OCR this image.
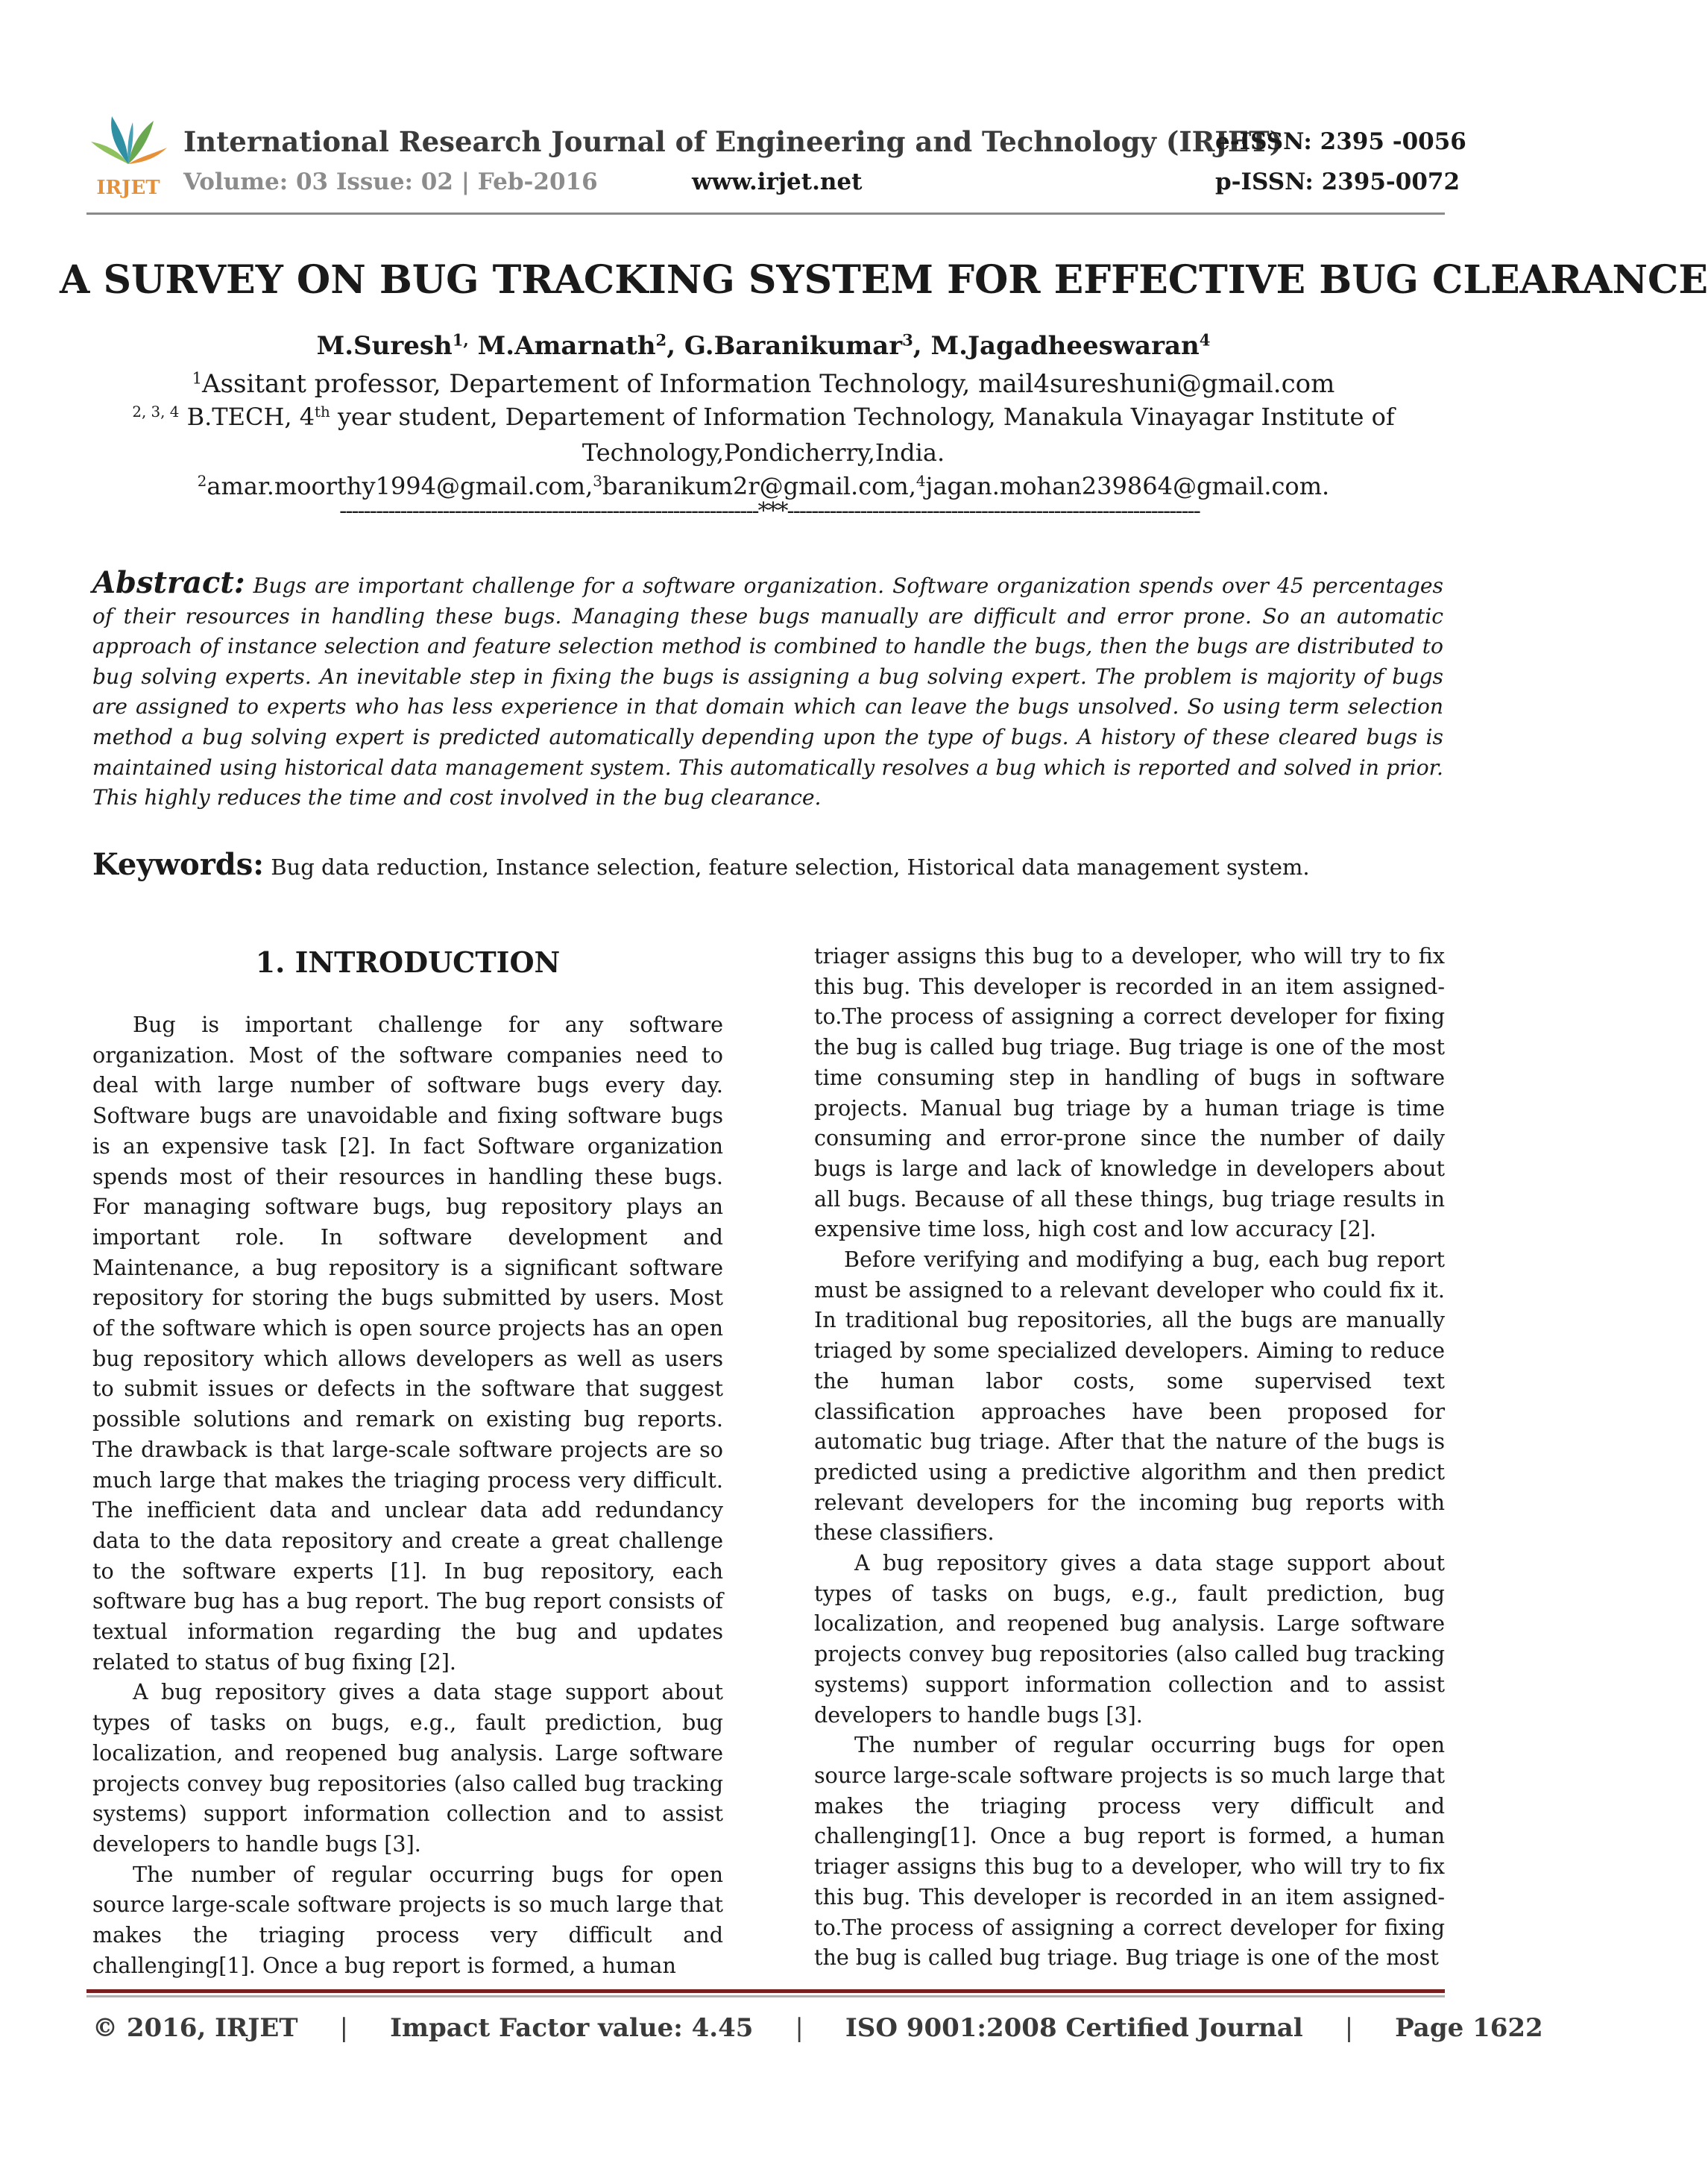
IRJET
International Research Journal of Engineering and Technology (IRJET)
e-ISSN: 2395 -0056
Volume: 03 Issue: 02 | Feb-2016	www.irjet.net	p-ISSN: 2395-0072
A SURVEY ON BUG TRACKING SYSTEM FOR EFFECTIVE BUG CLEARANCE
M.Suresh$^{1,}$ M.Amarnath$^2$, G.Baranikumar$^3$, M.Jagadheeswaran$^4$
$^1$Assitant professor, Departement of Information Technology, mail4sureshuni@gmail.com
$^{2, 3, 4}$ B.TECH, 4th year student, Departement of Information Technology, Manakula Vinayagar Institute of
Technology,Pondicherry,India.
$^2$amar.moorthy1994@gmail.com,$^3$baranikum2r@gmail.com,$^4$jagan.mohan239864@gmail.com.
---------------------------------------------------------------------***--------------------------------------------------------------------
Abstract: Bugs are important challenge for a software organization. Software organization spends over 45 percentages of their resources in handling these bugs. Managing these bugs manually are difficult and error prone. So an automatic approach of instance selection and feature selection method is combined to handle the bugs, then the bugs are distributed to bug solving experts. An inevitable step in fixing the bugs is assigning a bug solving expert. The problem is majority of bugs are assigned to experts who has less experience in that domain which can leave the bugs unsolved. So using term selection method a bug solving expert is predicted automatically depending upon the type of bugs. A history of these cleared bugs is maintained using historical data management system. This automatically resolves a bug which is reported and solved in prior. This highly reduces the time and cost involved in the bug clearance.
Keywords: Bug data reduction, Instance selection, feature selection, Historical data management system.
1. INTRODUCTION

Bug is important challenge for any software organization. Most of the software companies need to deal with large number of software bugs every day. Software bugs are unavoidable and fixing software bugs is an expensive task [2]. In fact Software organization spends most of their resources in handling these bugs. For managing software bugs, bug repository plays an important role. In software development and Maintenance, a bug repository is a significant software repository for storing the bugs submitted by users. Most of the software which is open source projects has an open bug repository which allows developers as well as users to submit issues or defects in the software that suggest possible solutions and remark on existing bug reports. The drawback is that large-scale software projects are so much large that makes the triaging process very difficult. The inefficient data and unclear data add redundancy data to the data repository and create a great challenge to the software experts [1]. In bug repository, each software bug has a bug report. The bug report consists of textual information regarding the bug and updates related to status of bug fixing [2].

A bug repository gives a data stage support about types of tasks on bugs, e.g., fault prediction, bug localization, and reopened bug analysis. Large software projects convey bug repositories (also called bug tracking systems) support information collection and to assist developers to handle bugs [3].

The number of regular occurring bugs for open source large-scale software projects is so much large that makes the triaging process very difficult and challenging[1]. Once a bug report is formed, a human

triager assigns this bug to a developer, who will try to fix this bug. This developer is recorded in an item assigned-to.The process of assigning a correct developer for fixing the bug is called bug triage. Bug triage is one of the most time consuming step in handling of bugs in software projects. Manual bug triage by a human triage is time consuming and error-prone since the number of daily bugs is large and lack of knowledge in developers about all bugs. Because of all these things, bug triage results in expensive time loss, high cost and low accuracy [2].

Before verifying and modifying a bug, each bug report must be assigned to a relevant developer who could fix it. In traditional bug repositories, all the bugs are manually triaged by some specialized developers. Aiming to reduce the human labor costs, some supervised text classification approaches have been proposed for automatic bug triage. After that the nature of the bugs is predicted using a predictive algorithm and then predict relevant developers for the incoming bug reports with these classifiers.

A bug repository gives a data stage support about types of tasks on bugs, e.g., fault prediction, bug localization, and reopened bug analysis. Large software projects convey bug repositories (also called bug tracking systems) support information collection and to assist developers to handle bugs [3].

The number of regular occurring bugs for open source large-scale software projects is so much large that makes the triaging process very difficult and challenging[1]. Once a bug report is formed, a human triager assigns this bug to a developer, who will try to fix this bug. This developer is recorded in an item assigned-to.The process of assigning a correct developer for fixing the bug is called bug triage. Bug triage is one of the most

© 2016, IRJET | Impact Factor value: 4.45 | ISO 9001:2008 Certified Journal | Page 1622
